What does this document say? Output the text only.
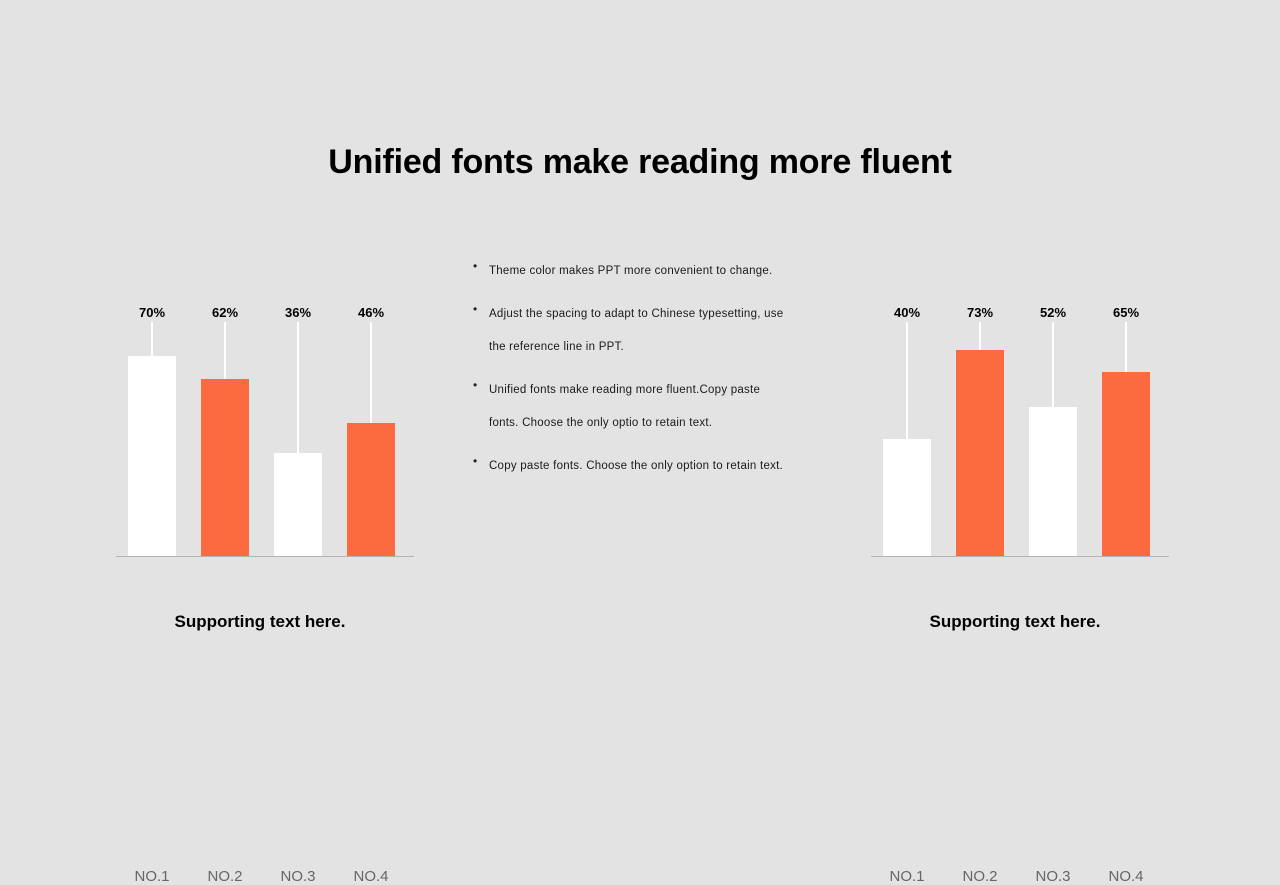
Unified fonts make reading more fluent
70%
NO.1
62%
NO.2
36%
NO.3
46%
NO.4
Supporting text here.
•	Theme color makes PPT more convenient to change.
•	Adjust the spacing to adapt to Chinese typesetting, use the reference line in PPT.
•	Unified fonts make reading more fluent.Copy paste fonts. Choose the only optio to retain text.
•	Copy paste fonts. Choose the only option to retain text.
40%
NO.1
73%
NO.2
52%
NO.3
65%
NO.4
Supporting text here.
